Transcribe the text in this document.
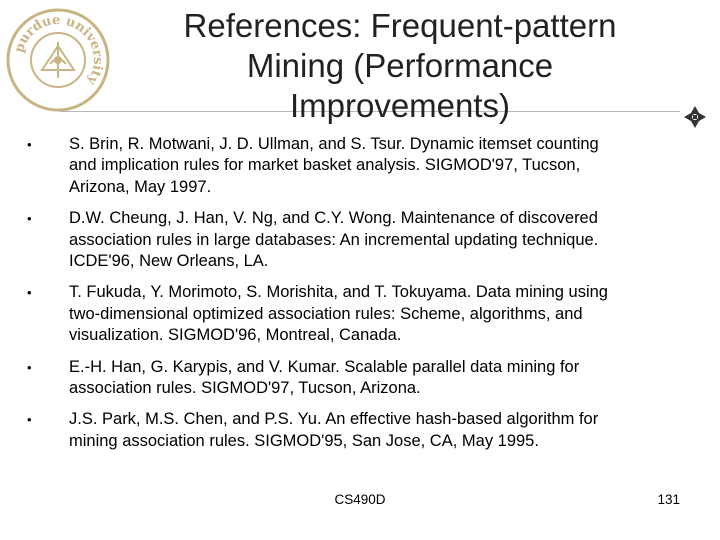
purdue university
References: Frequent-pattern
Mining (Performance
Improvements)
• S. Brin, R. Motwani, J. D. Ullman, and S. Tsur. Dynamic itemset counting
and implication rules for market basket analysis. SIGMOD'97, Tucson,
Arizona, May 1997.
• D.W. Cheung, J. Han, V. Ng, and C.Y. Wong. Maintenance of discovered
association rules in large databases: An incremental updating technique.
ICDE'96, New Orleans, LA.
• T. Fukuda, Y. Morimoto, S. Morishita, and T. Tokuyama. Data mining using
two-dimensional optimized association rules: Scheme, algorithms, and
visualization. SIGMOD'96, Montreal, Canada.
• E.-H. Han, G. Karypis, and V. Kumar. Scalable parallel data mining for
association rules. SIGMOD'97, Tucson, Arizona.
• J.S. Park, M.S. Chen, and P.S. Yu. An effective hash-based algorithm for
mining association rules. SIGMOD'95, San Jose, CA, May 1995.
CS490D	131
